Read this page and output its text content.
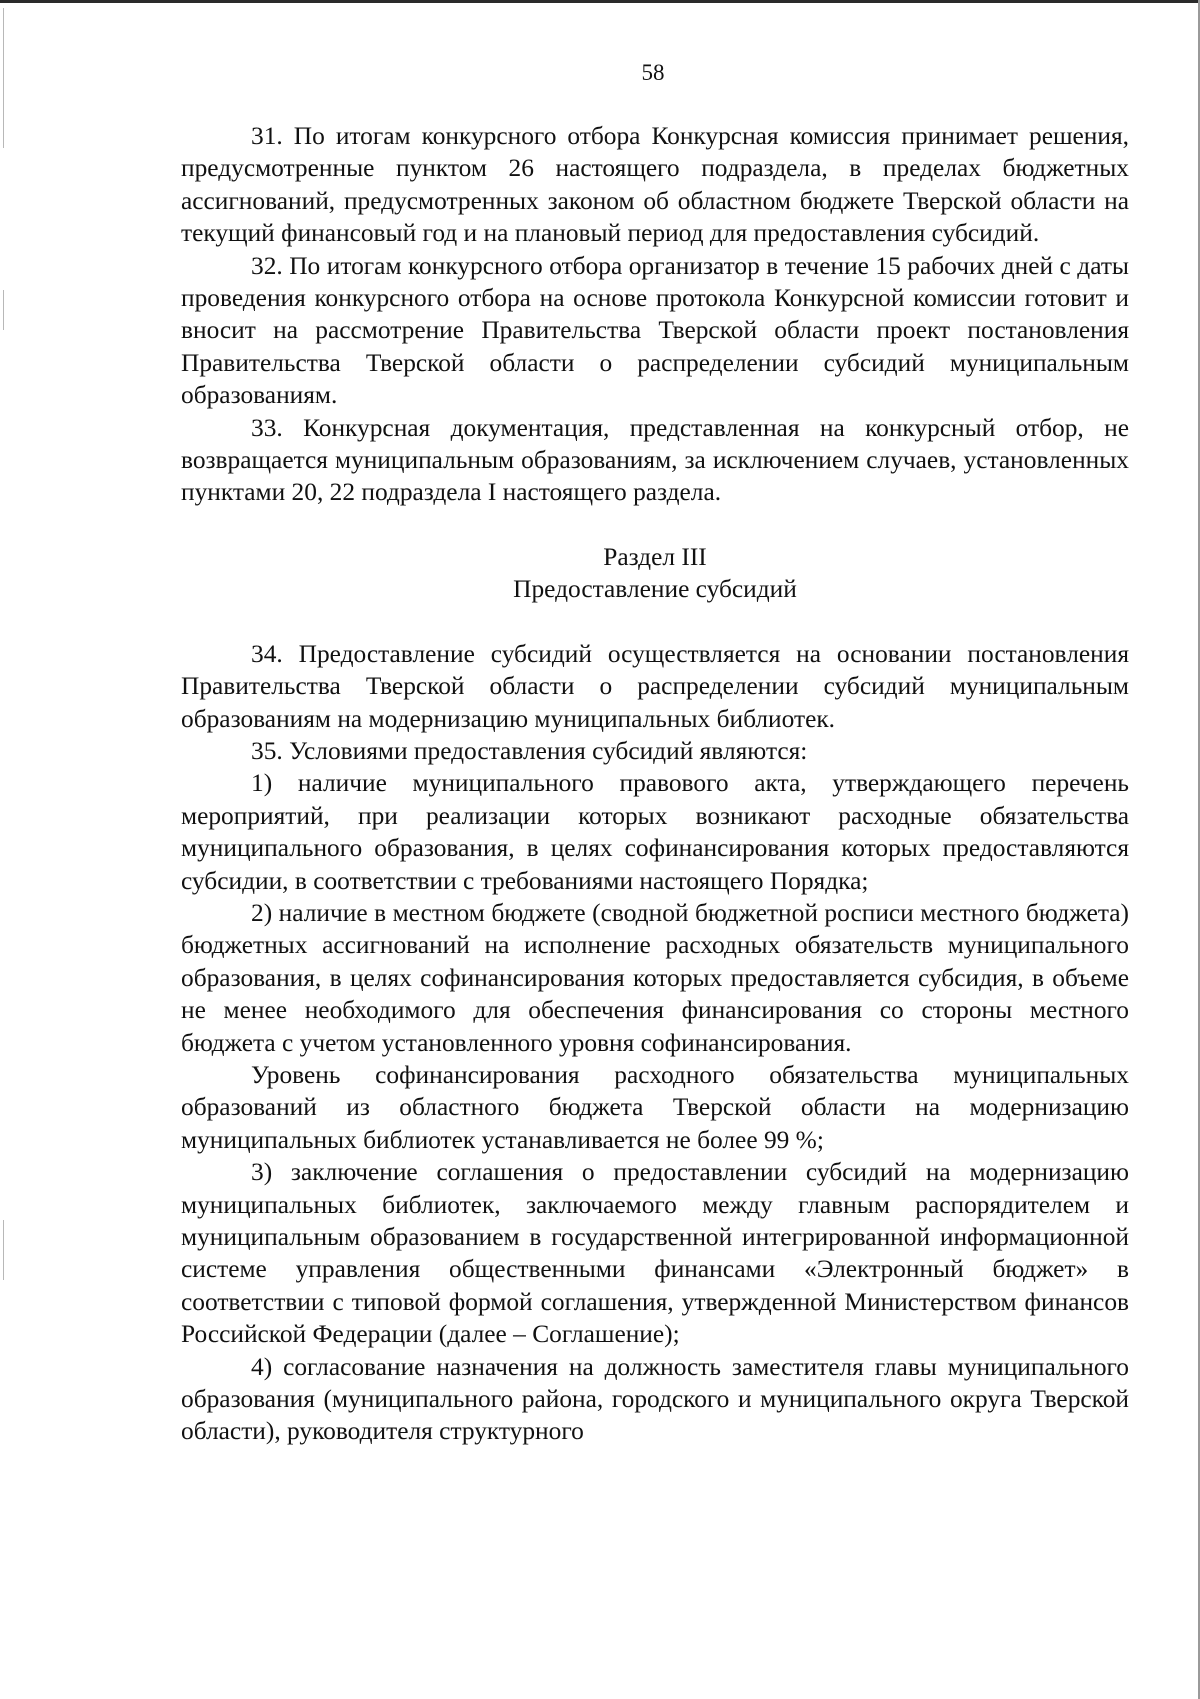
58

31. По итогам конкурсного отбора Конкурсная комиссия принимает решения, предусмотренные пунктом 26 настоящего подраздела, в пределах бюджетных ассигнований, предусмотренных законом об областном бюджете Тверской области на текущий финансовый год и на плановый период для предоставления субсидий.

32. По итогам конкурсного отбора организатор в течение 15 рабочих дней с даты проведения конкурсного отбора на основе протокола Конкурсной комиссии готовит и вносит на рассмотрение Правительства Тверской области проект постановления Правительства Тверской области о распределении субсидий муниципальным образованиям.

33. Конкурсная документация, представленная на конкурсный отбор, не возвращается муниципальным образованиям, за исключением случаев, установленных пунктами 20, 22 подраздела I настоящего раздела.

Раздел III
Предоставление субсидий

34. Предоставление субсидий осуществляется на основании постановления Правительства Тверской области о распределении субсидий муниципальным образованиям на модернизацию муниципальных библиотек.

35. Условиями предоставления субсидий являются:

1) наличие муниципального правового акта, утверждающего перечень мероприятий, при реализации которых возникают расходные обязательства муниципального образования, в целях софинансирования которых предоставляются субсидии, в соответствии с требованиями настоящего Порядка;

2) наличие в местном бюджете (сводной бюджетной росписи местного бюджета) бюджетных ассигнований на исполнение расходных обязательств муниципального образования, в целях софинансирования которых предоставляется субсидия, в объеме не менее необходимого для обеспечения финансирования со стороны местного бюджета с учетом установленного уровня софинансирования.

Уровень софинансирования расходного обязательства муниципальных образований из областного бюджета Тверской области на модернизацию муниципальных библиотек устанавливается не более 99 %;

3) заключение соглашения о предоставлении субсидий на модернизацию муниципальных библиотек, заключаемого между главным распорядителем и муниципальным образованием в государственной интегрированной информационной системе управления общественными финансами «Электронный бюджет» в соответствии с типовой формой соглашения, утвержденной Министерством финансов Российской Федерации (далее – Соглашение);

4) согласование назначения на должность заместителя главы муниципального образования (муниципального района, городского и муниципального округа Тверской области), руководителя структурного
